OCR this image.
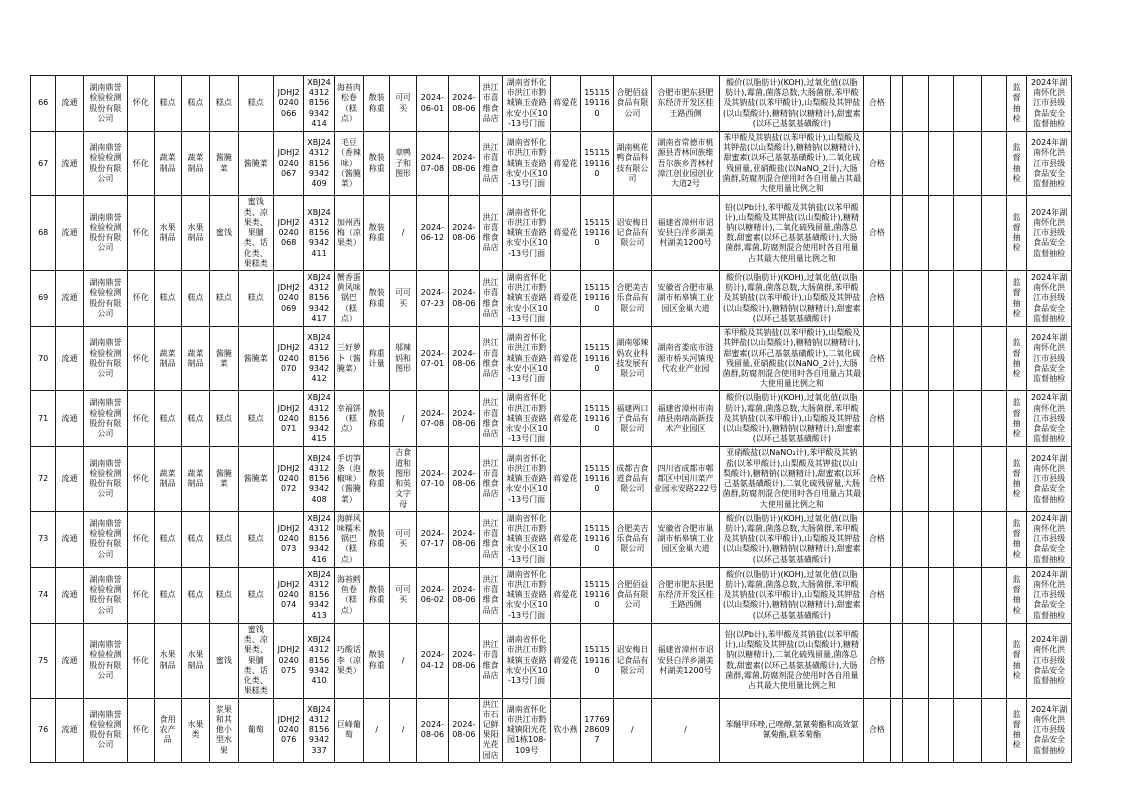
66	流通	湖南鼎誉检验检测股份有限公司	怀化	糕点	糕点	糕点	糕点	JDHJ20240066	XBJ24431281569342414	海苔肉松卷（糕点）	散装称重	可可买	2024-06-01	2024-08-06	洪江市喜维食品店	湖南省怀化市洪江市黔城镇玉壶路永安小区10-13号门面	蒋爱花	15115191160	合肥佰益食品有限公司	合肥市肥东县肥东经济开发区桂王路西侧	酸价(以脂肪计)(KOH),过氧化值(以脂肪计),霉菌,菌落总数,大肠菌群,苯甲酸及其钠盐(以苯甲酸计),山梨酸及其钾盐(以山梨酸计),糖精钠(以糖精计),甜蜜素(以环己基氨基磺酸计)	合格						监督抽检	2024年湖南怀化洪江市县级食品安全监督抽检
67	流通	湖南鼎誉检验检测股份有限公司	怀化	蔬菜制品	蔬菜制品	酱腌菜	酱腌菜	JDHJ20240067	XBJ24431281569342409	毛豆（香辣味）（酱腌菜）	散装称重	章鸭子和图形	2024-07-08	2024-08-06	洪江市喜维食品店	湖南省怀化市洪江市黔城镇玉壶路永安小区10-13号门面	蒋爱花	15115191160	湖南桃花鸭食品科技有限公司	湖南省常德市桃源县青林回族维吾尔族乡青林村漳江创业园创业大道2号	苯甲酸及其钠盐(以苯甲酸计),山梨酸及其钾盐(以山梨酸计),糖精钠(以糖精计),甜蜜素(以环己基氨基磺酸计),二氧化硫残留量,亚硝酸盐(以NaNO_2计),大肠菌群,防腐剂混合使用时各自用量占其最大使用量比例之和	合格						监督抽检	2024年湖南怀化洪江市县级食品安全监督抽检
68	流通	湖南鼎誉检验检测股份有限公司	怀化	水果制品	水果制品	蜜饯	蜜饯类、凉果类、果脯类、话化类、果糕类	JDHJ20240068	XBJ24431281569342411	加州西梅（凉果类）	散装称重	/	2024-06-12	2024-08-06	洪江市喜维食品店	湖南省怀化市洪江市黔城镇玉壶路永安小区10-13号门面	蒋爱花	15115191160	诏安梅日记食品有限公司	福建省漳州市诏安县白洋乡湖美村湖美1200号	铅(以Pb计),苯甲酸及其钠盐(以苯甲酸计),山梨酸及其钾盐(以山梨酸计),糖精钠(以糖精计),二氧化硫残留量,菌落总数,甜蜜素(以环己基氨基磺酸计),大肠菌群,霉菌,防腐剂混合使用时各自用量占其最大使用量比例之和	合格						监督抽检	2024年湖南怀化洪江市县级食品安全监督抽检
69	流通	湖南鼎誉检验检测股份有限公司	怀化	糕点	糕点	糕点	糕点	JDHJ20240069	XBJ24431281569342417	蟹香蛋黄风味锅巴（糕点）	散装称重	可可买	2024-07-23	2024-08-06	洪江市喜维食品店	湖南省怀化市洪江市黔城镇玉壶路永安小区10-13号门面	蒋爱花	15115191160	合肥美吉乐食品有限公司	安徽省合肥市巢湖市柘皋镇工业园区金巢大道	酸价(以脂肪计)(KOH),过氧化值(以脂肪计),霉菌,菌落总数,大肠菌群,苯甲酸及其钠盐(以苯甲酸计),山梨酸及其钾盐(以山梨酸计),糖精钠(以糖精计),甜蜜素(以环己基氨基磺酸计)	合格						监督抽检	2024年湖南怀化洪江市县级食品安全监督抽检
70	流通	湖南鼎誉检验检测股份有限公司	怀化	蔬菜制品	蔬菜制品	酱腌菜	酱腌菜	JDHJ20240070	XBJ24431281569342412	三好萝卜（酱腌菜）	称重计量	邬辣妈和图形	2024-07-01	2024-08-06	洪江市喜维食品店	湖南省怀化市洪江市黔城镇玉壶路永安小区10-13号门面	蒋爱花	15115191160	湖南邬辣妈农业科技发展有限公司	湖南省娄底市涟源市桥头河镇现代农业产业园	苯甲酸及其钠盐(以苯甲酸计),山梨酸及其钾盐(以山梨酸计),糖精钠(以糖精计),甜蜜素(以环己基氨基磺酸计),二氧化硫残留量,亚硝酸盐(以NaNO_2计),大肠菌群,防腐剂混合使用时各自用量占其最大使用量比例之和	合格						监督抽检	2024年湖南怀化洪江市县级食品安全监督抽检
71	流通	湖南鼎誉检验检测股份有限公司	怀化	糕点	糕点	糕点	糕点	JDHJ20240071	XBJ24431281569342415	幸福饼（糕点）	散装称重	/	2024-07-08	2024-08-06	洪江市喜维食品店	湖南省怀化市洪江市黔城镇玉壶路永安小区10-13号门面	蒋爱花	15115191160	福建两口子食品有限公司	福建省漳州市南靖县南靖高新技术产业园区	酸价(以脂肪计)(KOH),过氧化值(以脂肪计),霉菌,菌落总数,大肠菌群,苯甲酸及其钠盐(以苯甲酸计),山梨酸及其钾盐(以山梨酸计),糖精钠(以糖精计),甜蜜素(以环己基氨基磺酸计)	合格						监督抽检	2024年湖南怀化洪江市县级食品安全监督抽检
72	流通	湖南鼎誉检验检测股份有限公司	怀化	蔬菜制品	蔬菜制品	酱腌菜	酱腌菜	JDHJ20240072	XBJ24431281569342408	手切笋条（泡椒味）（酱腌菜）	散装称重	吉食道和图形和英文字母	2024-07-10	2024-08-06	洪江市喜维食品店	湖南省怀化市洪江市黔城镇玉壶路永安小区10-13号门面	蒋爱花	15115191160	成都吉食道食品有限公司	四川省成都市郫都区中国川菜产业园永安路222号	亚硝酸盐(以NaNO₂计),苯甲酸及其钠盐(以苯甲酸计),山梨酸及其钾盐(以山梨酸计),糖精钠(以糖精计),甜蜜素(以环己基氨基磺酸计),二氧化硫残留量,大肠菌群,防腐剂混合使用时各自用量占其最大使用量比例之和	合格						监督抽检	2024年湖南怀化洪江市县级食品安全监督抽检
73	流通	湖南鼎誉检验检测股份有限公司	怀化	糕点	糕点	糕点	糕点	JDHJ20240073	XBJ24431281569342416	海鲜风味糯米锅巴（糕点）	散装称重	可可买	2024-07-17	2024-08-06	洪江市喜维食品店	湖南省怀化市洪江市黔城镇玉壶路永安小区10-13号门面	蒋爱花	15115191160	合肥美吉乐食品有限公司	安徽省合肥市巢湖市柘皋镇工业园区金巢大道	酸价(以脂肪计)(KOH),过氧化值(以脂肪计),霉菌,菌落总数,大肠菌群,苯甲酸及其钠盐(以苯甲酸计),山梨酸及其钾盐(以山梨酸计),糖精钠(以糖精计),甜蜜素(以环己基氨基磺酸计)	合格						监督抽检	2024年湖南怀化洪江市县级食品安全监督抽检
74	流通	湖南鼎誉检验检测股份有限公司	怀化	糕点	糕点	糕点	糕点	JDHJ20240074	XBJ24431281569342413	海苔鳕鱼卷（糕点）	散装称重	可可买	2024-06-02	2024-08-06	洪江市喜维食品店	湖南省怀化市洪江市黔城镇玉壶路永安小区10-13号门面	蒋爱花	15115191160	合肥佰益食品有限公司	合肥市肥东县肥东经济开发区桂王路西侧	酸价(以脂肪计)(KOH),过氧化值(以脂肪计),霉菌,菌落总数,大肠菌群,苯甲酸及其钠盐(以苯甲酸计),山梨酸及其钾盐(以山梨酸计),糖精钠(以糖精计),甜蜜素(以环己基氨基磺酸计)	合格						监督抽检	2024年湖南怀化洪江市县级食品安全监督抽检
75	流通	湖南鼎誉检验检测股份有限公司	怀化	水果制品	水果制品	蜜饯	蜜饯类、凉果类、果脯类、话化类、果糕类	JDHJ20240075	XBJ24431281569342410	巧酸话李（凉果类）	散装称重	/	2024-04-12	2024-08-06	洪江市喜维食品店	湖南省怀化市洪江市黔城镇玉壶路永安小区10-13号门面	蒋爱花	15115191160	诏安梅日记食品有限公司	福建省漳州市诏安县白洋乡湖美村湖美1200号	铅(以Pb计),苯甲酸及其钠盐(以苯甲酸计),山梨酸及其钾盐(以山梨酸计),糖精钠(以糖精计),二氧化硫残留量,菌落总数,甜蜜素(以环己基氨基磺酸计),大肠菌群,霉菌,防腐剂混合使用时各自用量占其最大使用量比例之和	合格						监督抽检	2024年湖南怀化洪江市县级食品安全监督抽检
76	流通	湖南鼎誉检验检测股份有限公司	怀化	食用农产品	水果类	浆果和其他小型水果	葡萄	JDHJ20240076	XBJ24431281569342337	巨峰葡萄	/	/	2024-08-06	2024-08-06	洪江市石记鲜果阳光花园店	湖南省怀化市洪江市黔城镇阳光花园1栋108-109号	钦小燕	17769286097	/	/	苯醚甲环唑,己唑醇,氯氰菊酯和高效氯氰菊酯,联苯菊酯	合格						监督抽检	2024年湖南怀化洪江市县级食品安全监督抽检
